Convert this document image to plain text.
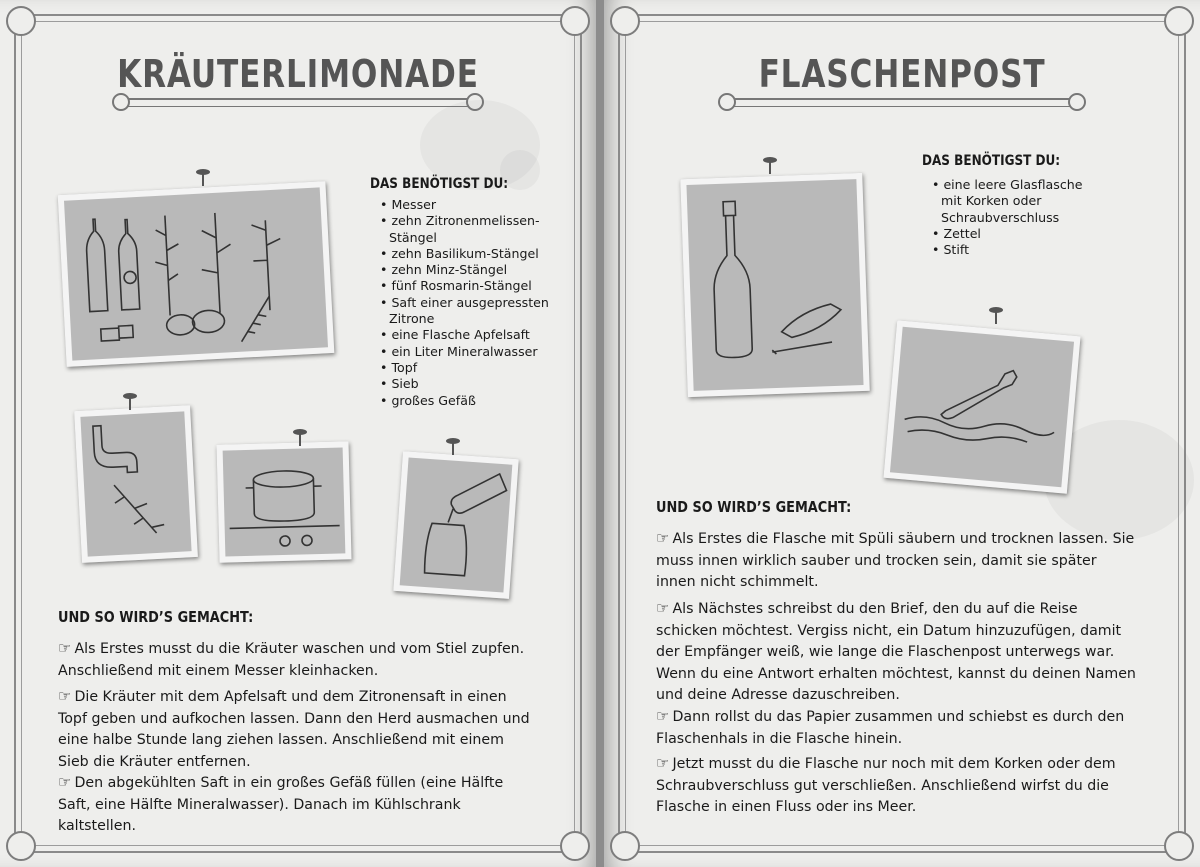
KRÄUTERLIMONADE
DAS BENÖTIGST DU:
• Messer
• zehn Zitronenmelissen-Stängel
• zehn Basilikum-Stängel
• zehn Minz-Stängel
• fünf Rosmarin-Stängel
• Saft einer ausgepressten Zitrone
• eine Flasche Apfelsaft
• ein Liter Mineralwasser
• Topf
• Sieb
• großes Gefäß
UND SO WIRD’S GEMACHT:
☞ Als Erstes musst du die Kräuter waschen und vom Stiel zupfen. Anschließend mit einem Messer kleinhacken.
☞ Die Kräuter mit dem Apfelsaft und dem Zitronensaft in einen Topf geben und aufkochen lassen. Dann den Herd ausmachen und eine halbe Stunde lang ziehen lassen. Anschließend mit einem Sieb die Kräuter entfernen.
☞ Den abgekühlten Saft in ein großes Gefäß füllen (eine Hälfte Saft, eine Hälfte Mineralwasser). Danach im Kühlschrank kaltstellen.
FLASCHENPOST
DAS BENÖTIGST DU:
• eine leere Glasflasche mit Korken oder Schraubverschluss
• Zettel
• Stift
UND SO WIRD’S GEMACHT:
☞ Als Erstes die Flasche mit Spüli säubern und trocknen lassen. Sie muss innen wirklich sauber und trocken sein, damit sie später innen nicht schimmelt.
☞ Als Nächstes schreibst du den Brief, den du auf die Reise schicken möchtest. Vergiss nicht, ein Datum hinzuzufügen, damit der Empfänger weiß, wie lange die Flaschenpost unterwegs war. Wenn du eine Antwort erhalten möchtest, kannst du deinen Namen und deine Adresse dazuschreiben.
☞ Dann rollst du das Papier zusammen und schiebst es durch den Flaschenhals in die Flasche hinein.
☞ Jetzt musst du die Flasche nur noch mit dem Korken oder dem Schraubverschluss gut verschließen. Anschließend wirfst du die Flasche in einen Fluss oder ins Meer.
